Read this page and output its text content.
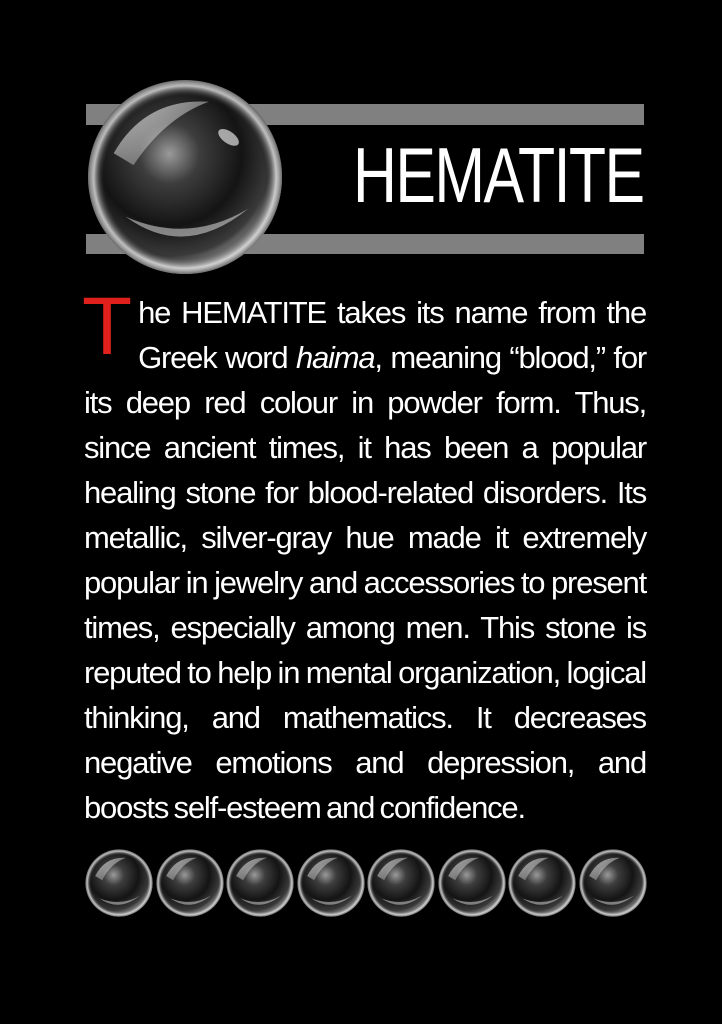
HEMATITE

The HEMATITE takes its name from the Greek word haima, meaning “blood,” for its deep red colour in powder form. Thus, since ancient times, it has been a popular healing stone for blood-related disorders. Its metallic, silver-gray hue made it extremely popular in jewelry and accessories to present times, especially among men. This stone is reputed to help in mental organization, logical thinking, and mathematics. It decreases negative emotions and depression, and boosts self-esteem and confidence.
